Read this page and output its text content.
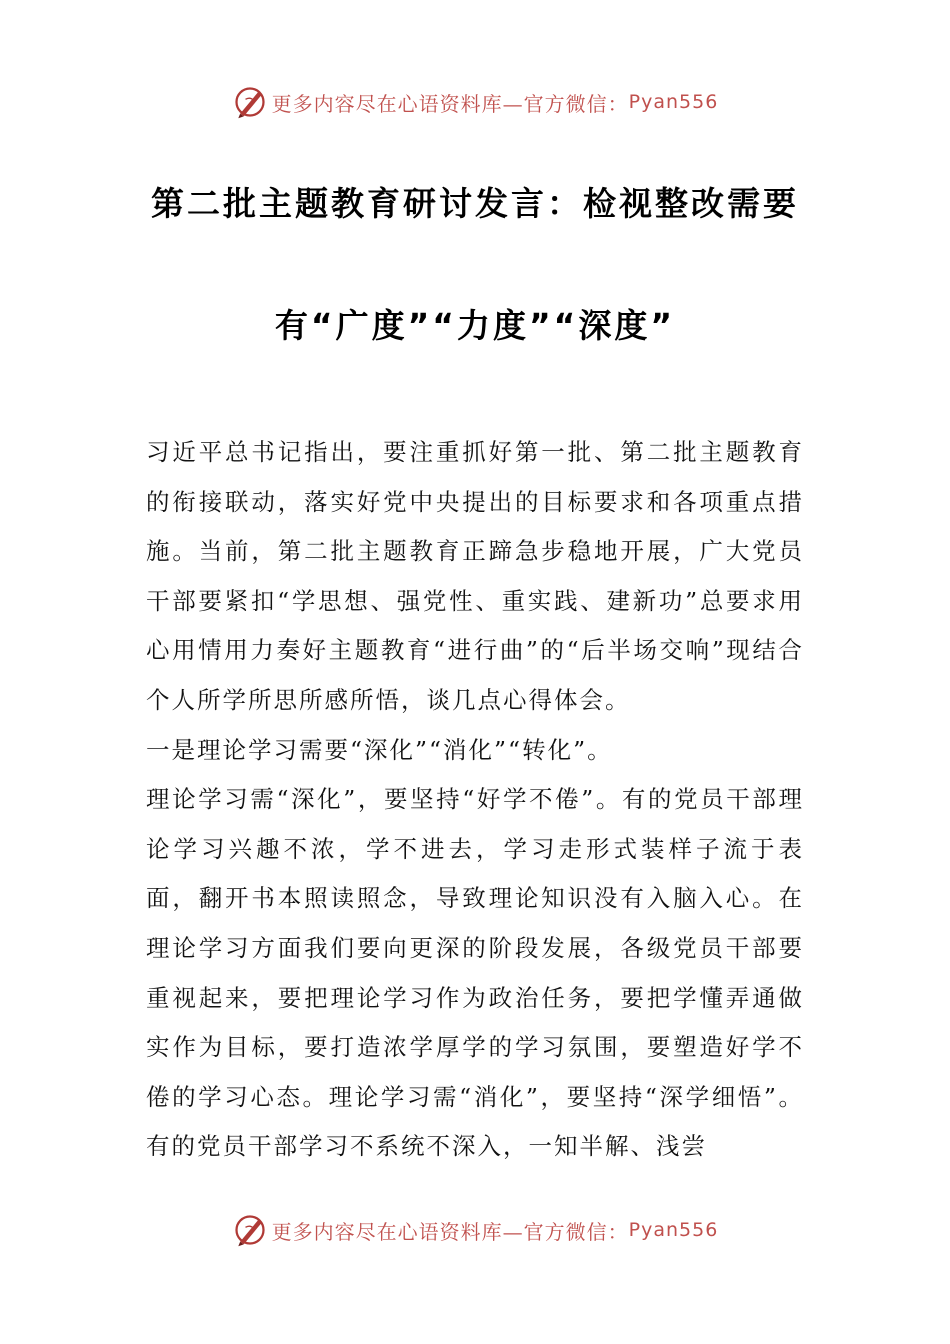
更多内容尽在心语资料库—官方微信： Pyan556
第二批主题教育研讨发言：检视整改需要
有“广度”“力度”“深度”

习近平总书记指出，要注重抓好第一批、第二批主题教育的衔接联动，落实好党中央提出的目标要求和各项重点措施。当前，第二批主题教育正蹄急步稳地开展，广大党员干部要紧扣“学思想、强党性、重实践、建新功”总要求用心用情用力奏好主题教育“进行曲”的“后半场交响”现结合个人所学所思所感所悟，谈几点心得体会。

一是理论学习需要“深化”“消化”“转化”。

理论学习需“深化”，要坚持“好学不倦”。有的党员干部理论学习兴趣不浓，学不进去，学习走形式装样子流于表面，翻开书本照读照念，导致理论知识没有入脑入心。在理论学习方面我们要向更深的阶段发展，各级党员干部要重视起来，要把理论学习作为政治任务，要把学懂弄通做实作为目标，要打造浓学厚学的学习氛围，要塑造好学不倦的学习心态。理论学习需“消化”，要坚持“深学细悟”。有的党员干部学习不系统不深入，一知半解、浅尝

更多内容尽在心语资料库—官方微信： Pyan556
